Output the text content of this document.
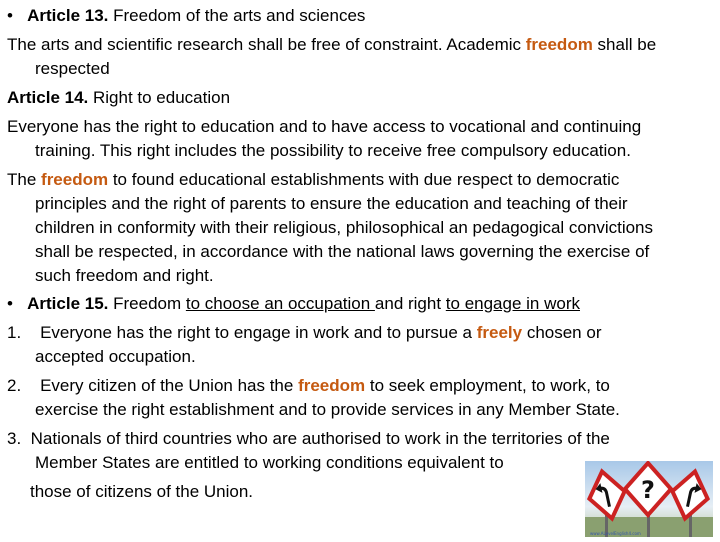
• Article 13. Freedom of the arts and sciences
The arts and scientific research shall be free of constraint. Academic freedom shall be
respected
Article 14. Right to education
Everyone has the right to education and to have access to vocational and continuing
training. This right includes the possibility to receive free compulsory education.
The freedom to found educational establishments with due respect to democratic
principles and the right of parents to ensure the education and teaching of their
children in conformity with their religious, philosophical an pedagogical convictions
shall be respected, in accordance with the national laws governing the exercise of
such freedom and right.
• Article 15. Freedom to choose an occupation and right to engage in work
1. Everyone has the right to engage in work and to pursue a freely chosen or
accepted occupation.
2. Every citizen of the Union has the freedom to seek employment, to work, to
exercise the right establishment and to provide services in any Member State.
3. Nationals of third countries who are authorised to work in the territories of the
Member States are entitled to working conditions equivalent to
those of citizens of the Union.	?
www.ALevelEnglish4.com
